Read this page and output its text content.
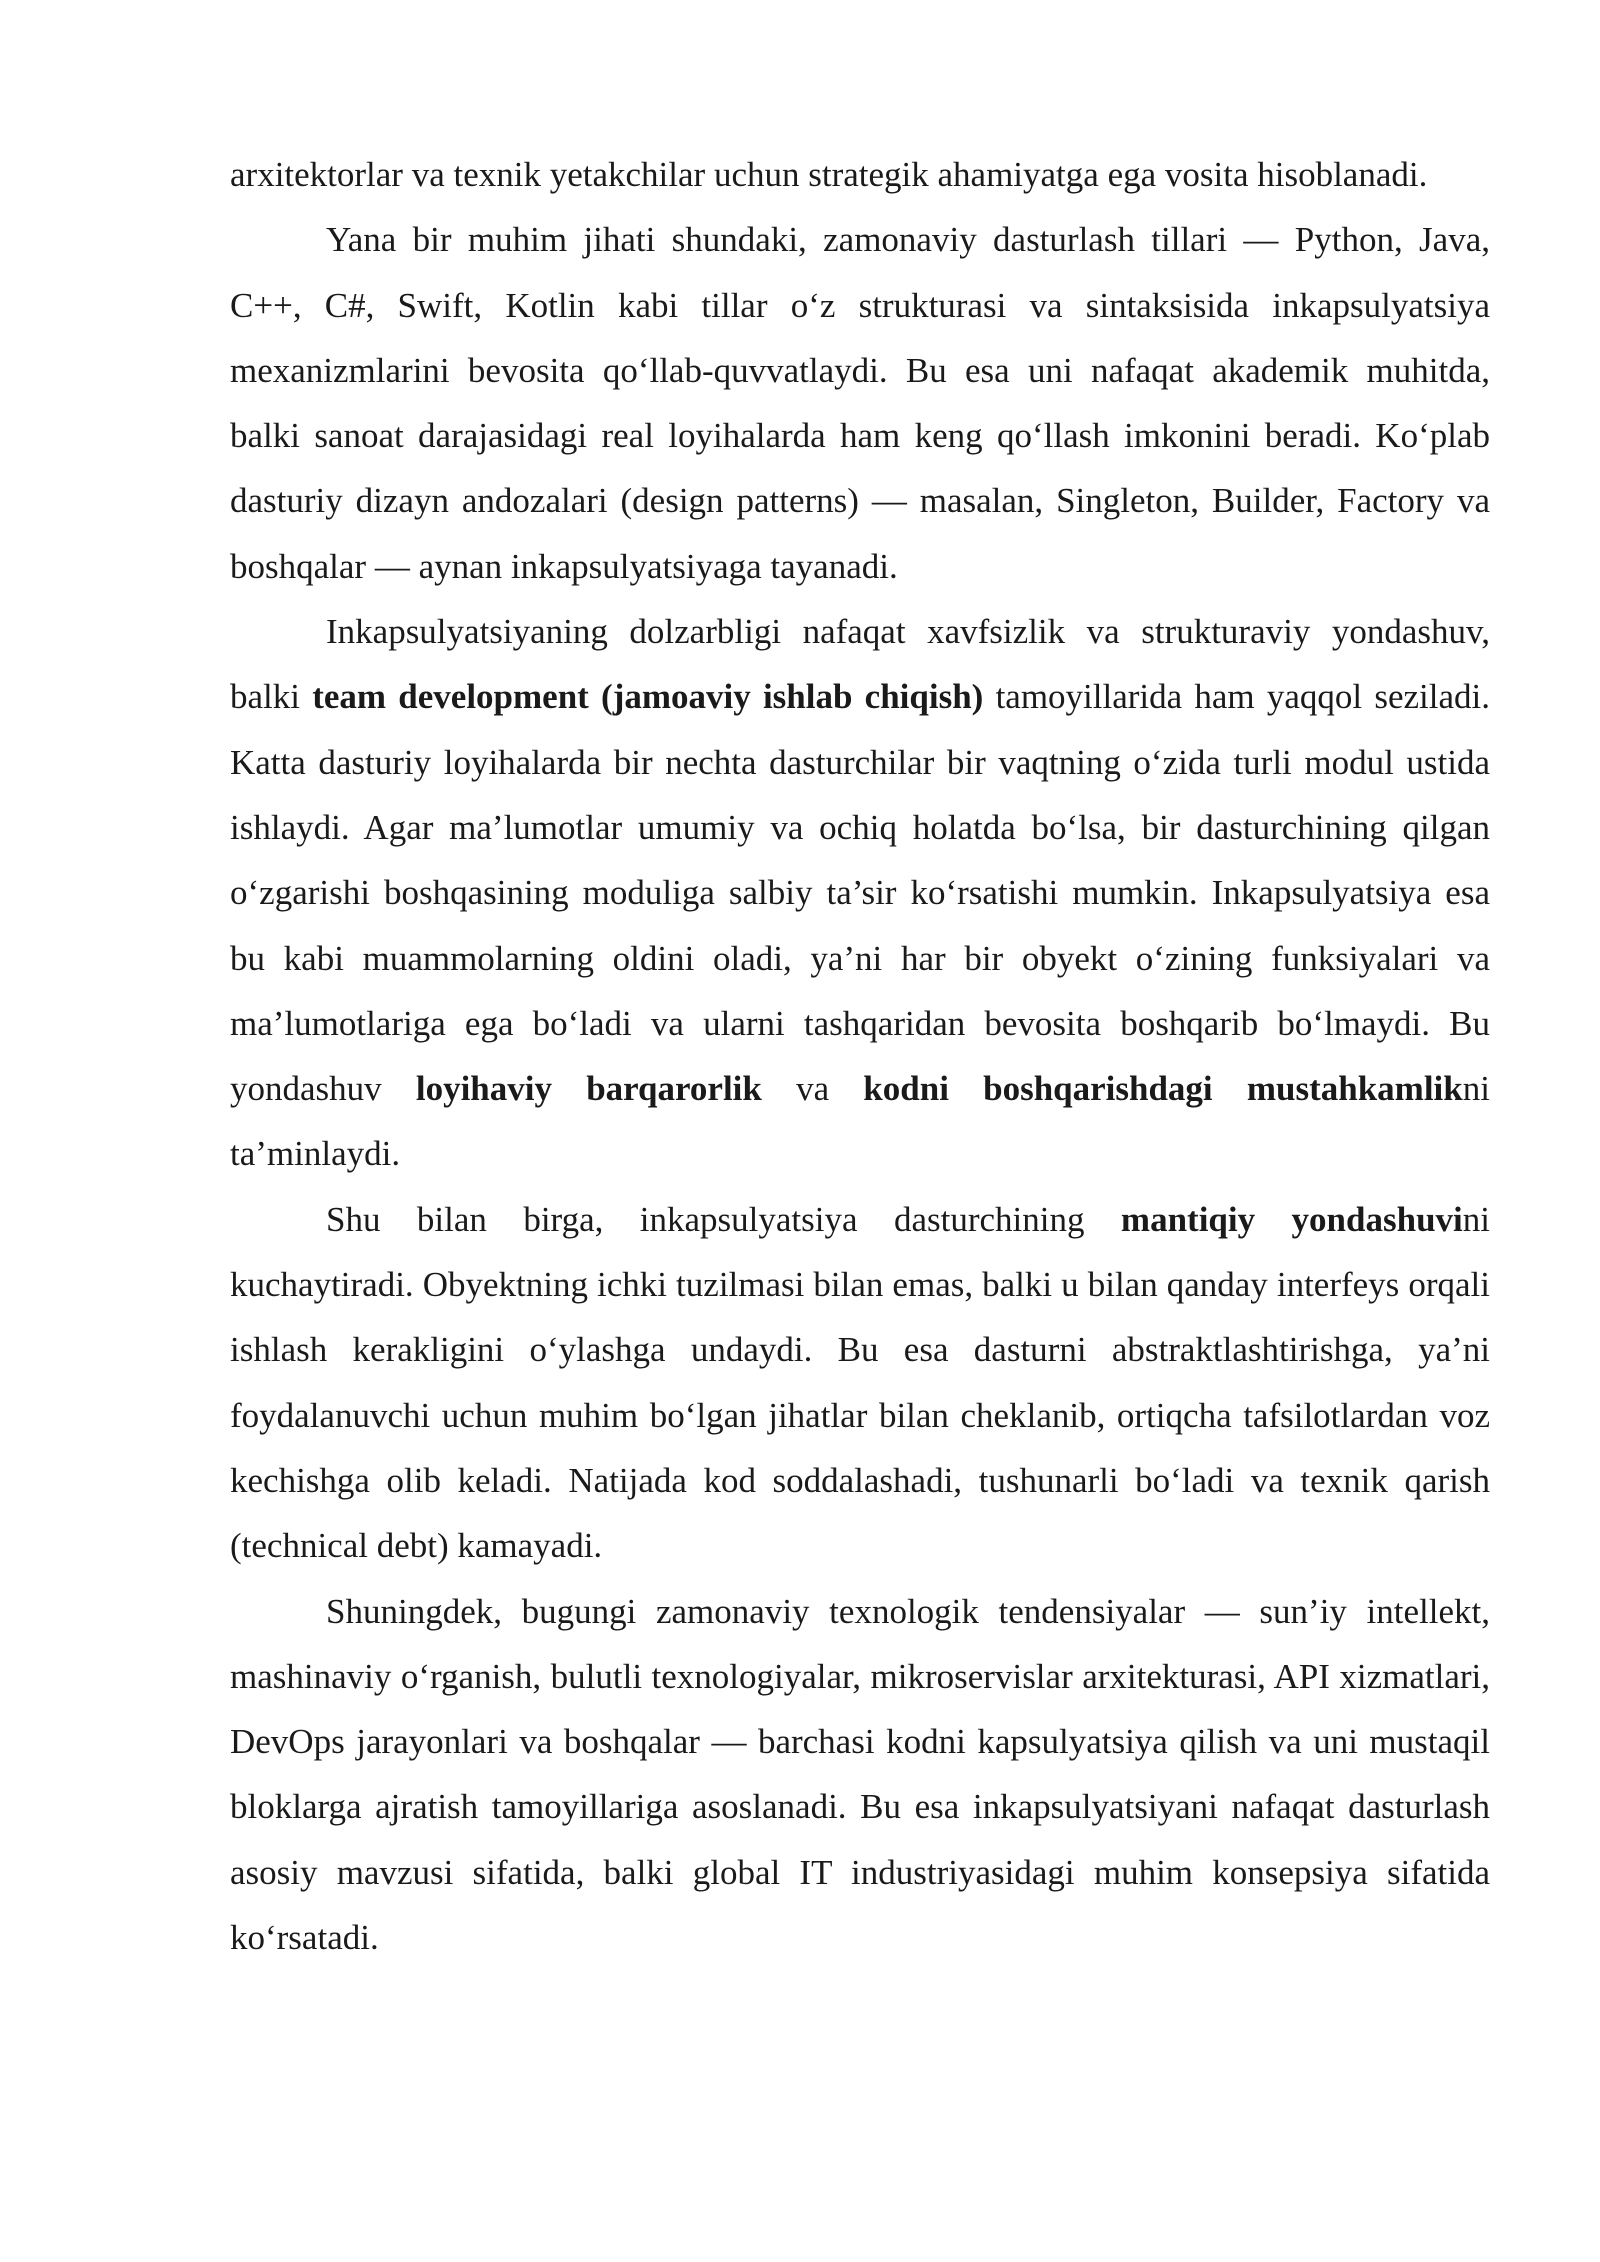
arxitektorlar va texnik yetakchilar uchun strategik ahamiyatga ega vosita hisoblanadi.

Yana bir muhim jihati shundaki, zamonaviy dasturlash tillari — Python, Java, C++, C#, Swift, Kotlin kabi tillar o‘z strukturasi va sintaksisida inkapsulyatsiya mexanizmlarini bevosita qo‘llab-quvvatlaydi. Bu esa uni nafaqat akademik muhitda, balki sanoat darajasidagi real loyihalarda ham keng qo‘llash imkonini beradi. Ko‘plab dasturiy dizayn andozalari (design patterns) — masalan, Singleton, Builder, Factory va boshqalar — aynan inkapsulyatsiyaga tayanadi.

Inkapsulyatsiyaning dolzarbligi nafaqat xavfsizlik va strukturaviy yondashuv, balki team development (jamoaviy ishlab chiqish) tamoyillarida ham yaqqol seziladi. Katta dasturiy loyihalarda bir nechta dasturchilar bir vaqtning o‘zida turli modul ustida ishlaydi. Agar ma’lumotlar umumiy va ochiq holatda bo‘lsa, bir dasturchining qilgan o‘zgarishi boshqasining moduliga salbiy ta’sir ko‘rsatishi mumkin. Inkapsulyatsiya esa bu kabi muammolarning oldini oladi, ya’ni har bir obyekt o‘zining funksiyalari va ma’lumotlariga ega bo‘ladi va ularni tashqaridan bevosita boshqarib bo‘lmaydi. Bu yondashuv loyihaviy barqarorlik va kodni boshqarishdagi mustahkamlikni ta’minlaydi.

Shu bilan birga, inkapsulyatsiya dasturchining mantiqiy yondashuvini kuchaytiradi. Obyektning ichki tuzilmasi bilan emas, balki u bilan qanday interfeys orqali ishlash kerakligini o‘ylashga undaydi. Bu esa dasturni abstraktlashtirishga, ya’ni foydalanuvchi uchun muhim bo‘lgan jihatlar bilan cheklanib, ortiqcha tafsilotlardan voz kechishga olib keladi. Natijada kod soddalashadi, tushunarli bo‘ladi va texnik qarish (technical debt) kamayadi.

Shuningdek, bugungi zamonaviy texnologik tendensiyalar — sun’iy intellekt, mashinaviy o‘rganish, bulutli texnologiyalar, mikroservislar arxitekturasi, API xizmatlari, DevOps jarayonlari va boshqalar — barchasi kodni kapsulyatsiya qilish va uni mustaqil bloklarga ajratish tamoyillariga asoslanadi. Bu esa inkapsulyatsiyani nafaqat dasturlash asosiy mavzusi sifatida, balki global IT industriyasidagi muhim konsepsiya sifatida ko‘rsatadi.
